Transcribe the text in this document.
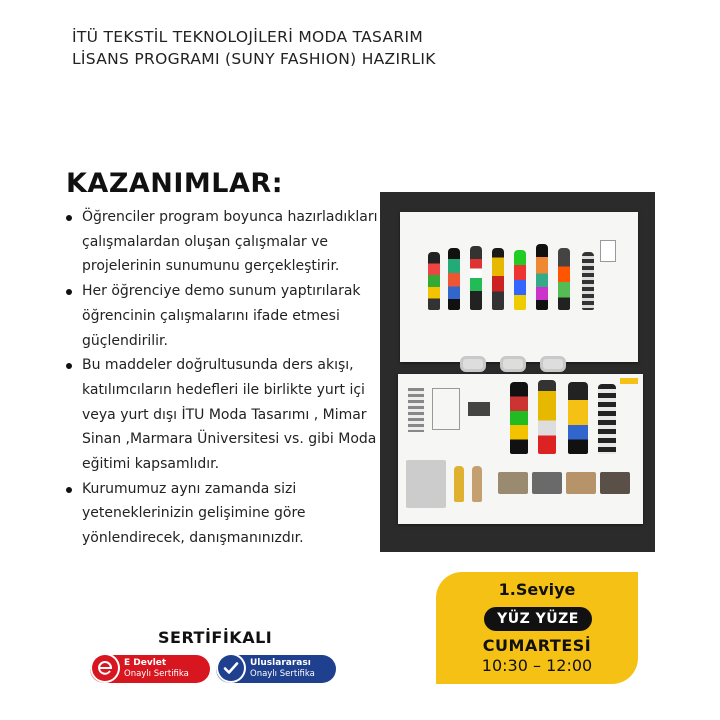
İTÜ TEKSTİL TEKNOLOJİLERİ MODA TASARIM
LİSANS PROGRAMI (SUNY FASHION) HAZIRLIK
KAZANIMLAR:
Öğrenciler program boyunca hazırladıkları çalışmalardan oluşan çalışmalar ve projelerinin sunumunu gerçekleştirir.
Her öğrenciye demo sunum yaptırılarak öğrencinin çalışmalarını ifade etmesi güçlendirilir.
Bu maddeler doğrultusunda ders akışı, katılımcıların hedefleri ile birlikte yurt içi veya yurt dışı İTU Moda Tasarımı , Mimar Sinan ,Marmara Üniversitesi vs. gibi Moda eğitimi kapsamlıdır.
Kurumumuz aynı zamanda sizi yeteneklerinizin gelişimine göre yönlendirecek, danışmanınızdır.
1.Seviye
YÜZ YÜZE
CUMARTESİ
10:30 – 12:00
SERTİFİKALI
E Devlet
Onaylı Sertifika
Uluslararası
Onaylı Sertifika
